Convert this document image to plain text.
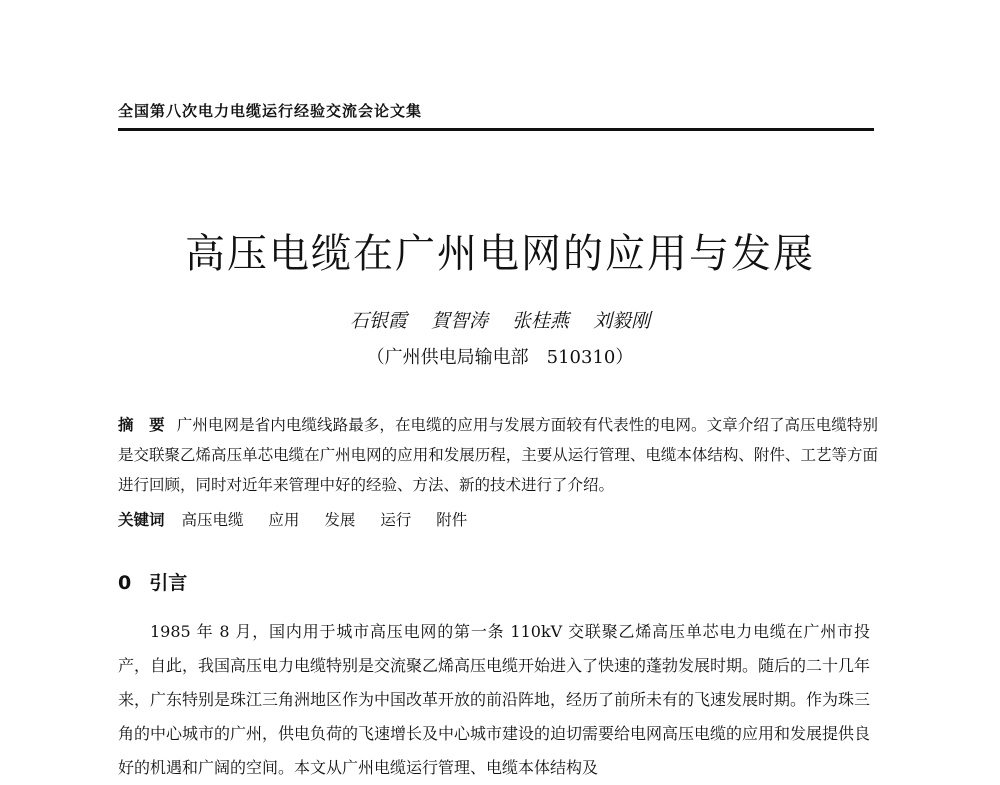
全国第八次电力电缆运行经验交流会论文集
高压电缆在广州电网的应用与发展
石银霞 賀智涛 张桂燕 刘毅刚
（广州供电局输电部　510310）
摘　要 广州电网是省内电缆线路最多，在电缆的应用与发展方面较有代表性的电网。文章介绍了高压电缆特别是交联聚乙烯高压单芯电缆在广州电网的应用和发展历程，主要从运行管理、电缆本体结构、附件、工艺等方面进行回顾，同时对近年来管理中好的经验、方法、新的技术进行了介绍。
关键词 高压电缆 应用 发展 运行 附件
0 引言
1985 年 8 月，国内用于城市高压电网的第一条 110kV 交联聚乙烯高压单芯电力电缆在广州市投产，自此，我国高压电力电缆特别是交流聚乙烯高压电缆开始进入了快速的蓬勃发展时期。随后的二十几年来，广东特别是珠江三角洲地区作为中国改革开放的前沿阵地，经历了前所未有的飞速发展时期。作为珠三角的中心城市的广州，供电负荷的飞速增长及中心城市建设的迫切需要给电网高压电缆的应用和发展提供良好的机遇和广阔的空间。本文从广州电缆运行管理、电缆本体结构及
